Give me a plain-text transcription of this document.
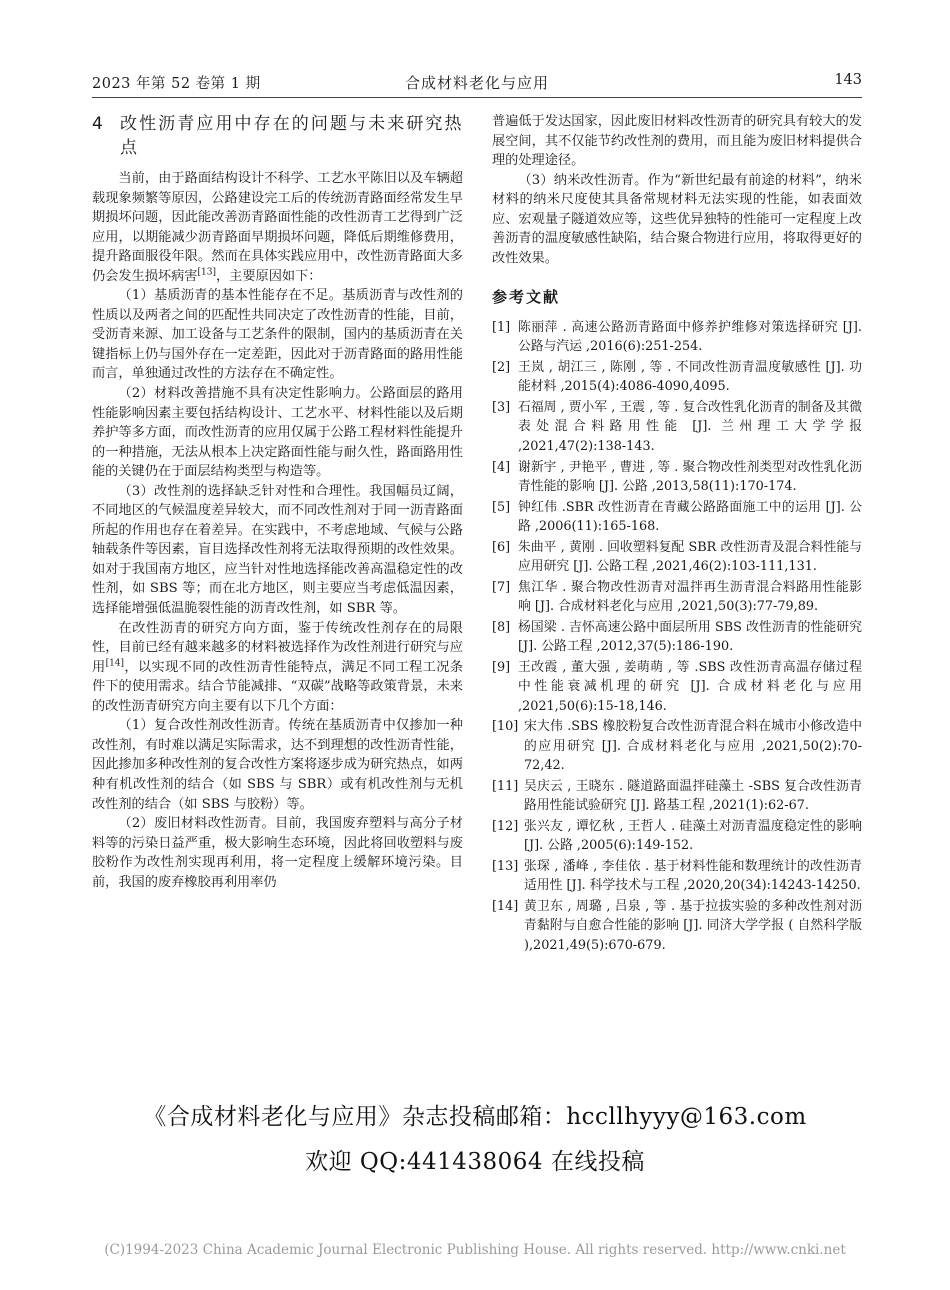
2023 年第 52 卷第 1 期	合成材料老化与应用	143
4 改性沥青应用中存在的问题与未来研究热点

当前，由于路面结构设计不科学、工艺水平陈旧以及车辆超载现象频繁等原因，公路建设完工后的传统沥青路面经常发生早期损坏问题，因此能改善沥青路面性能的改性沥青工艺得到广泛应用，以期能减少沥青路面早期损坏问题，降低后期维修费用，提升路面服役年限。然而在具体实践应用中，改性沥青路面大多仍会发生损坏病害[13]，主要原因如下：

（1）基质沥青的基本性能存在不足。基质沥青与改性剂的性质以及两者之间的匹配性共同决定了改性沥青的性能，目前，受沥青来源、加工设备与工艺条件的限制，国内的基质沥青在关键指标上仍与国外存在一定差距，因此对于沥青路面的路用性能而言，单独通过改性的方法存在不确定性。

（2）材料改善措施不具有决定性影响力。公路面层的路用性能影响因素主要包括结构设计、工艺水平、材料性能以及后期养护等多方面，而改性沥青的应用仅属于公路工程材料性能提升的一种措施，无法从根本上决定路面性能与耐久性，路面路用性能的关键仍在于面层结构类型与构造等。

（3）改性剂的选择缺乏针对性和合理性。我国幅员辽阔，不同地区的气候温度差异较大，而不同改性剂对于同一沥青路面所起的作用也存在着差异。在实践中，不考虑地域、气候与公路轴载条件等因素，盲目选择改性剂将无法取得预期的改性效果。如对于我国南方地区，应当针对性地选择能改善高温稳定性的改性剂，如 SBS 等；而在北方地区，则主要应当考虑低温因素，选择能增强低温脆裂性能的沥青改性剂，如 SBR 等。

在改性沥青的研究方向方面，鉴于传统改性剂存在的局限性，目前已经有越来越多的材料被选择作为改性剂进行研究与应用[14]，以实现不同的改性沥青性能特点，满足不同工程工况条件下的使用需求。结合节能减排、“双碳”战略等政策背景，未来的改性沥青研究方向主要有以下几个方面：

（1）复合改性剂改性沥青。传统在基质沥青中仅掺加一种改性剂，有时难以满足实际需求，达不到理想的改性沥青性能，因此掺加多种改性剂的复合改性方案将逐步成为研究热点，如两种有机改性剂的结合（如 SBS 与 SBR）或有机改性剂与无机改性剂的结合（如 SBS 与胶粉）等。

（2）废旧材料改性沥青。目前，我国废弃塑料与高分子材料等的污染日益严重，极大影响生态环境，因此将回收塑料与废胶粉作为改性剂实现再利用，将一定程度上缓解环境污染。目前，我国的废弃橡胶再利用率仍

普遍低于发达国家，因此废旧材料改性沥青的研究具有较大的发展空间，其不仅能节约改性剂的费用，而且能为废旧材料提供合理的处理途径。

（3）纳米改性沥青。作为“新世纪最有前途的材料”，纳米材料的纳米尺度使其具备常规材料无法实现的性能，如表面效应、宏观量子隧道效应等，这些优异独特的性能可一定程度上改善沥青的温度敏感性缺陷，结合聚合物进行应用，将取得更好的改性效果。

参考文献
[1] 陈丽萍 . 高速公路沥青路面中修养护维修对策选择研究 [J]. 公路与汽运 ,2016(6):251-254.
[2] 王岚 , 胡江三 , 陈刚 , 等 . 不同改性沥青温度敏感性 [J]. 功能材料 ,2015(4):4086-4090,4095.
[3] 石福周 , 贾小军 , 王震 , 等 . 复合改性乳化沥青的制备及其微表处混合料路用性能 [J]. 兰州理工大学学报 ,2021,47(2):138-143.
[4] 谢新宇 , 尹艳平 , 曹进 , 等 . 聚合物改性剂类型对改性乳化沥青性能的影响 [J]. 公路 ,2013,58(11):170-174.
[5] 钟红伟 .SBR 改性沥青在青藏公路路面施工中的运用 [J]. 公路 ,2006(11):165-168.
[6] 朱曲平 , 黄刚 . 回收塑料复配 SBR 改性沥青及混合料性能与应用研究 [J]. 公路工程 ,2021,46(2):103-111,131.
[7] 焦江华 . 聚合物改性沥青对温拌再生沥青混合料路用性能影响 [J]. 合成材料老化与应用 ,2021,50(3):77-79,89.
[8] 杨国梁 . 吉怀高速公路中面层所用 SBS 改性沥青的性能研究 [J]. 公路工程 ,2012,37(5):186-190.
[9] 王改霞 , 董大强 , 姜萌萌 , 等 .SBS 改性沥青高温存储过程中性能衰减机理的研究 [J]. 合成材料老化与应用 ,2021,50(6):15-18,146.
[10] 宋大伟 .SBS 橡胶粉复合改性沥青混合料在城市小修改造中的应用研究 [J]. 合成材料老化与应用 ,2021,50(2):70-72,42.
[11] 吴庆云 , 王晓东 . 隧道路面温拌硅藻土 -SBS 复合改性沥青路用性能试验研究 [J]. 路基工程 ,2021(1):62-67.
[12] 张兴友 , 谭忆秋 , 王哲人 . 硅藻土对沥青温度稳定性的影响 [J]. 公路 ,2005(6):149-152.
[13] 张琛 , 潘峰 , 李佳依 . 基于材料性能和数理统计的改性沥青适用性 [J]. 科学技术与工程 ,2020,20(34):14243-14250.
[14] 黄卫东 , 周璐 , 吕泉 , 等 . 基于拉拔实验的多种改性剂对沥青黏附与自愈合性能的影响 [J]. 同济大学学报 ( 自然科学版 ),2021,49(5):670-679.
《合成材料老化与应用》杂志投稿邮箱：hccllhyyy@163.com
欢迎 QQ:441438064 在线投稿
(C)1994-2023 China Academic Journal Electronic Publishing House. All rights reserved. http://www.cnki.net
